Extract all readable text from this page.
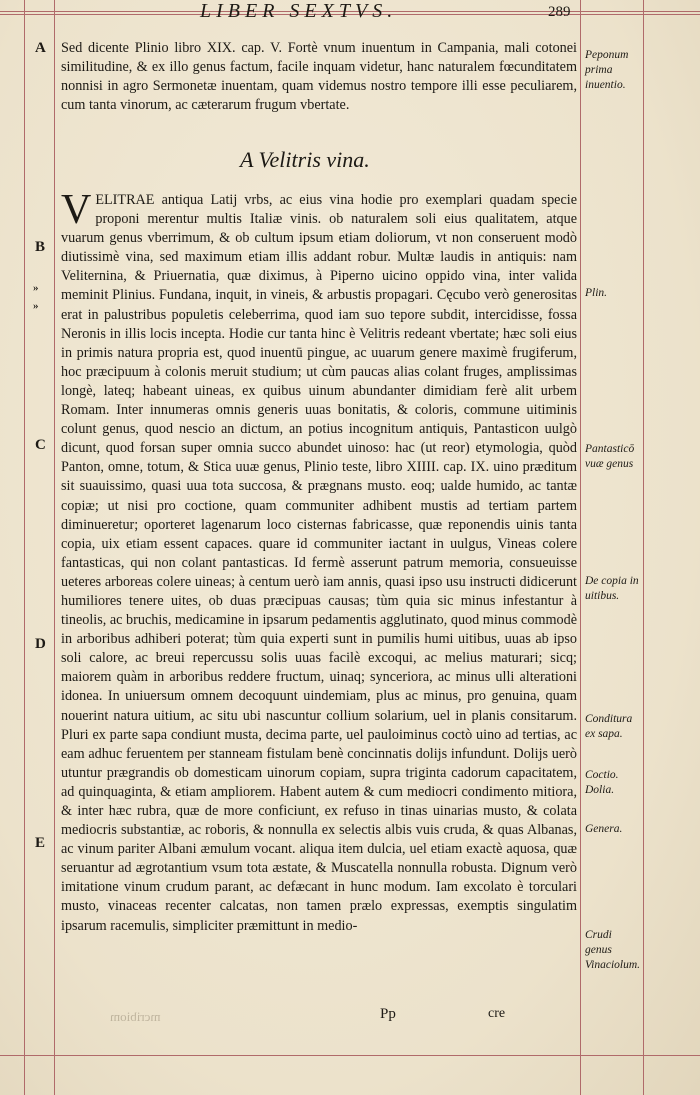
LIBER SEXTVS.	289
A
B
»
»
C
D
E
Sed dicente Plinio libro XIX. cap. V. Fortè vnum inuentum in Campania, mali cotonei similitudine, & ex illo genus factum, facile inquam videtur, hanc naturalem fœcunditatem nonnisi in agro Sermonetæ inuentam, quam videmus nostro tempore illi esse peculiarem, cum tanta vinorum, ac cæterarum frugum vbertate.
A Velitris vina.
VELITRAE antiqua Latij vrbs, ac eius vina hodie pro exemplari quadam specie proponi merentur multis Italiæ vinis. ob naturalem soli eius qualitatem, atque vuarum genus vberrimum, & ob cultum ipsum etiam doliorum, vt non conseruent modò diutissimè vina, sed maximum etiam illis addant robur. Multæ laudis in antiquis: nam Veliternina, & Priuernatia, quæ diximus, à Piperno uicino oppido vina, inter valida meminit Plinius. Fundana, inquit, in vineis, & arbustis propagari. Cęcubo verò generositas erat in palustribus populetis celeberrima, quod iam suo tepore subdit, intercidisse, fossa Neronis in illis locis incepta. Hodie cur tanta hinc è Velitris redeant vbertate; hæc soli eius in primis natura propria est, quod inuentū pingue, ac uuarum genere maximè frugiferum, hoc præcipuum à colonis meruit studium; ut cùm paucas alias colant fruges, amplissimas longè, lateq; habeant uineas, ex quibus uinum abundanter dimidiam ferè alit urbem Romam. Inter innumeras omnis generis uuas bonitatis, & coloris, commune uitiminis colunt genus, quod nescio an dictum, an potius incognitum antiquis, Pantasticon uulgò dicunt, quod forsan super omnia succo abundet uinoso: hac (ut reor) etymologia, quòd Panton, omne, totum, & Stica uuæ genus, Plinio teste, libro XIIII. cap. IX. uino præditum sit suauissimo, quasi uua tota succosa, & prægnans musto. eoq; ualde humido, ac tantæ copiæ; ut nisi pro coctione, quam communiter adhibent mustis ad tertiam partem diminueretur; oporteret lagenarum loco cisternas fabricasse, quæ reponendis uinis tanta copia, uix etiam essent capaces. quare id communiter iactant in uulgus, Vineas colere fantasticas, qui non colant pantasticas. Id fermè asserunt patrum memoria, consueuisse ueteres arboreas colere uineas; à centum uerò iam annis, quasi ipso usu instructi didicerunt humiliores tenere uites, ob duas præcipuas causas; tùm quia sic minus infestantur à tineolis, ac bruchis, medicamine in ipsarum pedamentis agglutinato, quod minus commodè in arboribus adhiberi poterat; tùm quia experti sunt in pumilis humi uitibus, uuas ab ipso soli calore, ac breui repercussu solis uuas facilè excoqui, ac melius maturari; sicq; maiorem quàm in arboribus reddere fructum, uinaq; synceriora, ac minus ulli alterationi idonea. In uniuersum omnem decoquunt uindemiam, plus ac minus, pro genuina, quam nouerint natura uitium, ac situ ubi nascuntur collium solarium, uel in planis consitarum. Pluri ex parte sapa condiunt musta, decima parte, uel pauloiminus coctò uino ad tertias, ac eam adhuc feruentem per stanneam fistulam benè concinnatis dolijs infundunt. Dolijs uerò utuntur prægrandis ob domesticam uinorum copiam, supra triginta cadorum capacitatem, ad quinquaginta, & etiam ampliorem. Habent autem & cum mediocri condimento mitiora, & inter hæc rubra, quæ de more conficiunt, ex refuso in tinas uinarias musto, & colata mediocris substantiæ, ac roboris, & nonnulla ex selectis albis vuis cruda, & quas Albanas, ac vinum pariter Albani æmulum vocant. aliqua item dulcia, uel etiam exactè aquosa, quæ seruantur ad ægrotantium vsum tota æstate, & Muscatella nonnulla robusta. Dignum verò imitatione vinum crudum parant, ac defæcant in hunc modum. Iam excolato è torculari musto, vinaceas recenter calcatas, non tamen prælo expressas, exemptis singulatim ipsarum racemulis, simpliciter præmittunt in medio-
Peponum prima inuentio.
Plin.
Pantasticō vuæ genus
De copia in uitibus.
Conditura ex sapa.
Coctio. Dolia.
Genera.
Crudi genus Vinaciolum.
mcribiom	Pp	cre
